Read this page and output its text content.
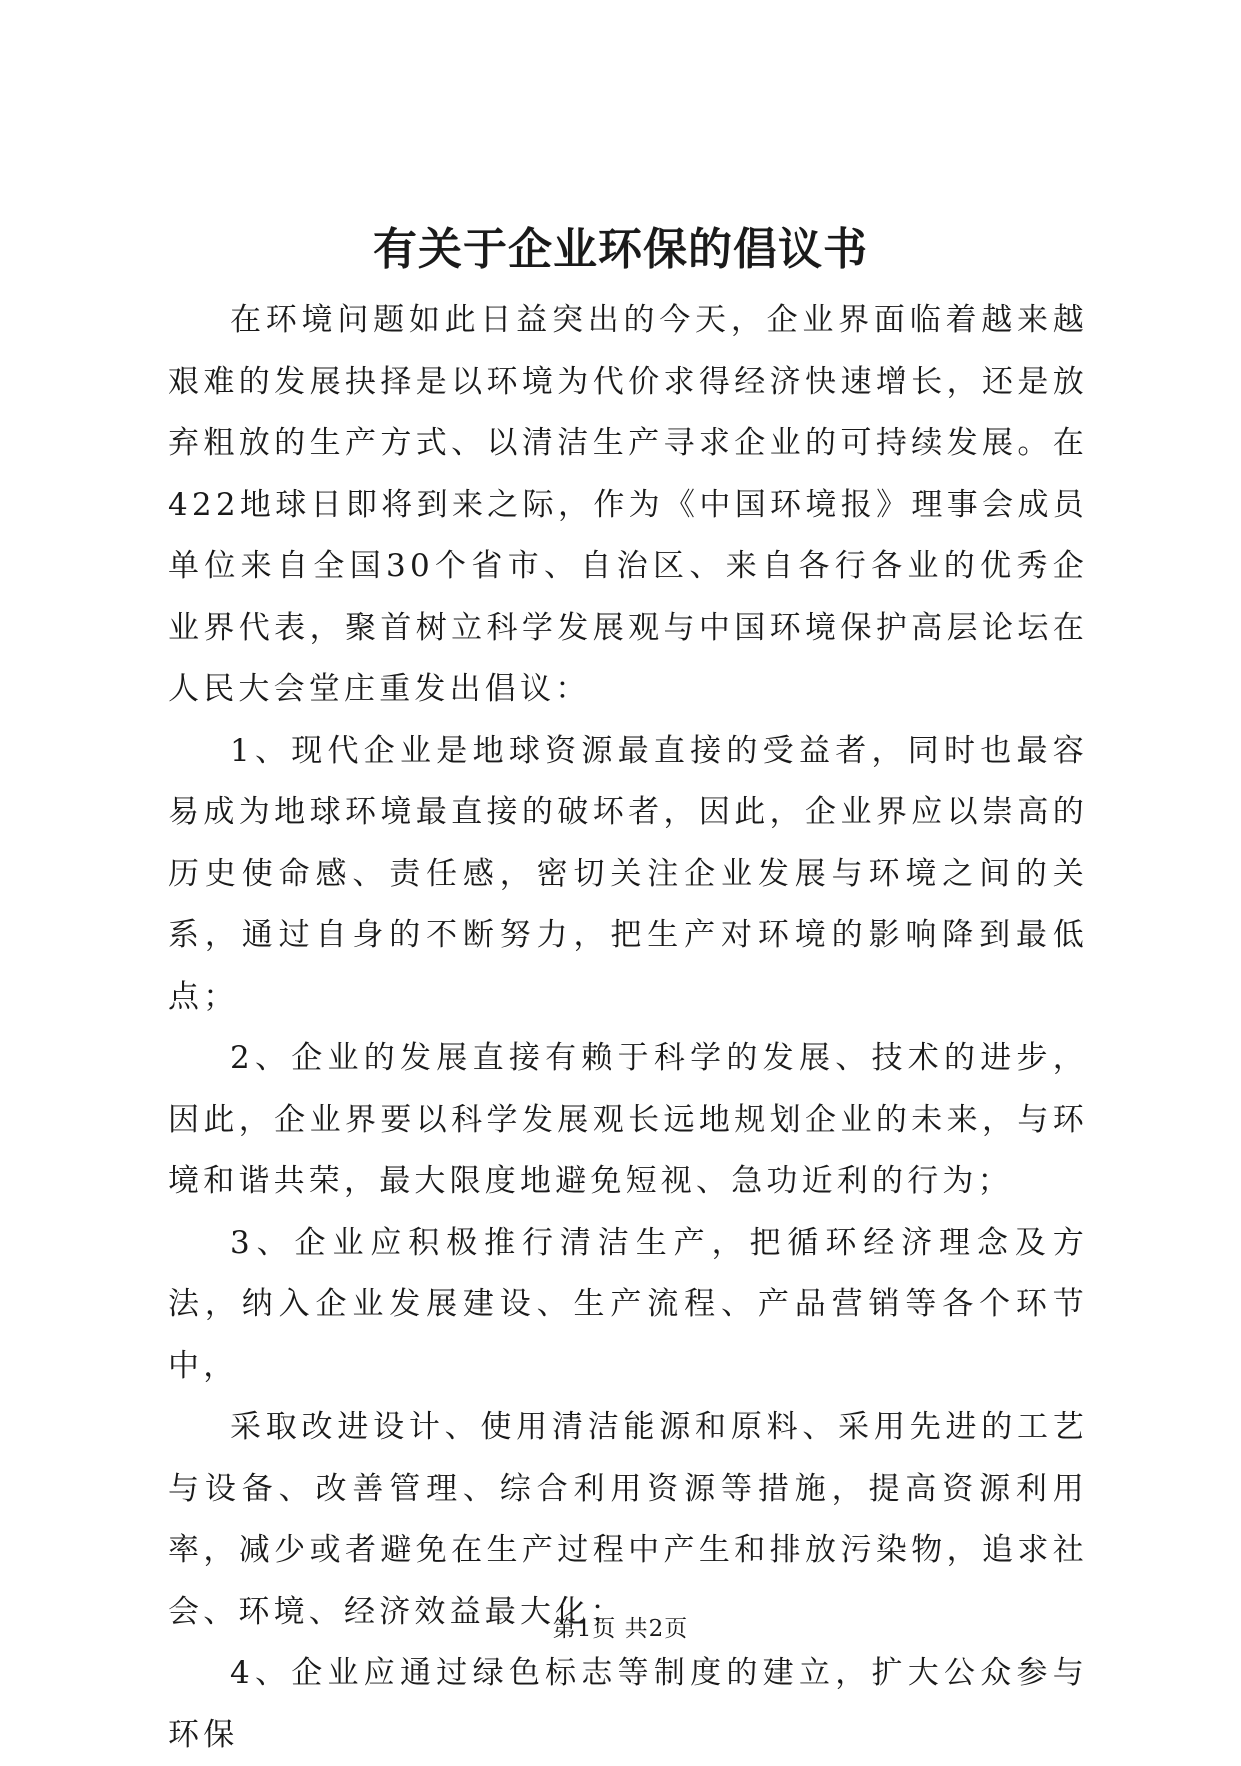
有关于企业环保的倡议书

在环境问题如此日益突出的今天，企业界面临着越来越艰难的发展抉择是以环境为代价求得经济快速增长，还是放弃粗放的生产方式、以清洁生产寻求企业的可持续发展。在422地球日即将到来之际，作为《中国环境报》理事会成员单位来自全国30个省市、自治区、来自各行各业的优秀企业界代表，聚首树立科学发展观与中国环境保护高层论坛在人民大会堂庄重发出倡议：

1、现代企业是地球资源最直接的受益者，同时也最容易成为地球环境最直接的破坏者，因此，企业界应以崇高的历史使命感、责任感，密切关注企业发展与环境之间的关系，通过自身的不断努力，把生产对环境的影响降到最低点；

2、企业的发展直接有赖于科学的发展、技术的进步，因此，企业界要以科学发展观长远地规划企业的未来，与环境和谐共荣，最大限度地避免短视、急功近利的行为；

3、企业应积极推行清洁生产，把循环经济理念及方法，纳入企业发展建设、生产流程、产品营销等各个环节中，

采取改进设计、使用清洁能源和原料、采用先进的工艺与设备、改善管理、综合利用资源等措施，提高资源利用率，减少或者避免在生产过程中产生和排放污染物，追求社会、环境、经济效益最大化；

4、企业应通过绿色标志等制度的建立，扩大公众参与环保

第1页 共2页
